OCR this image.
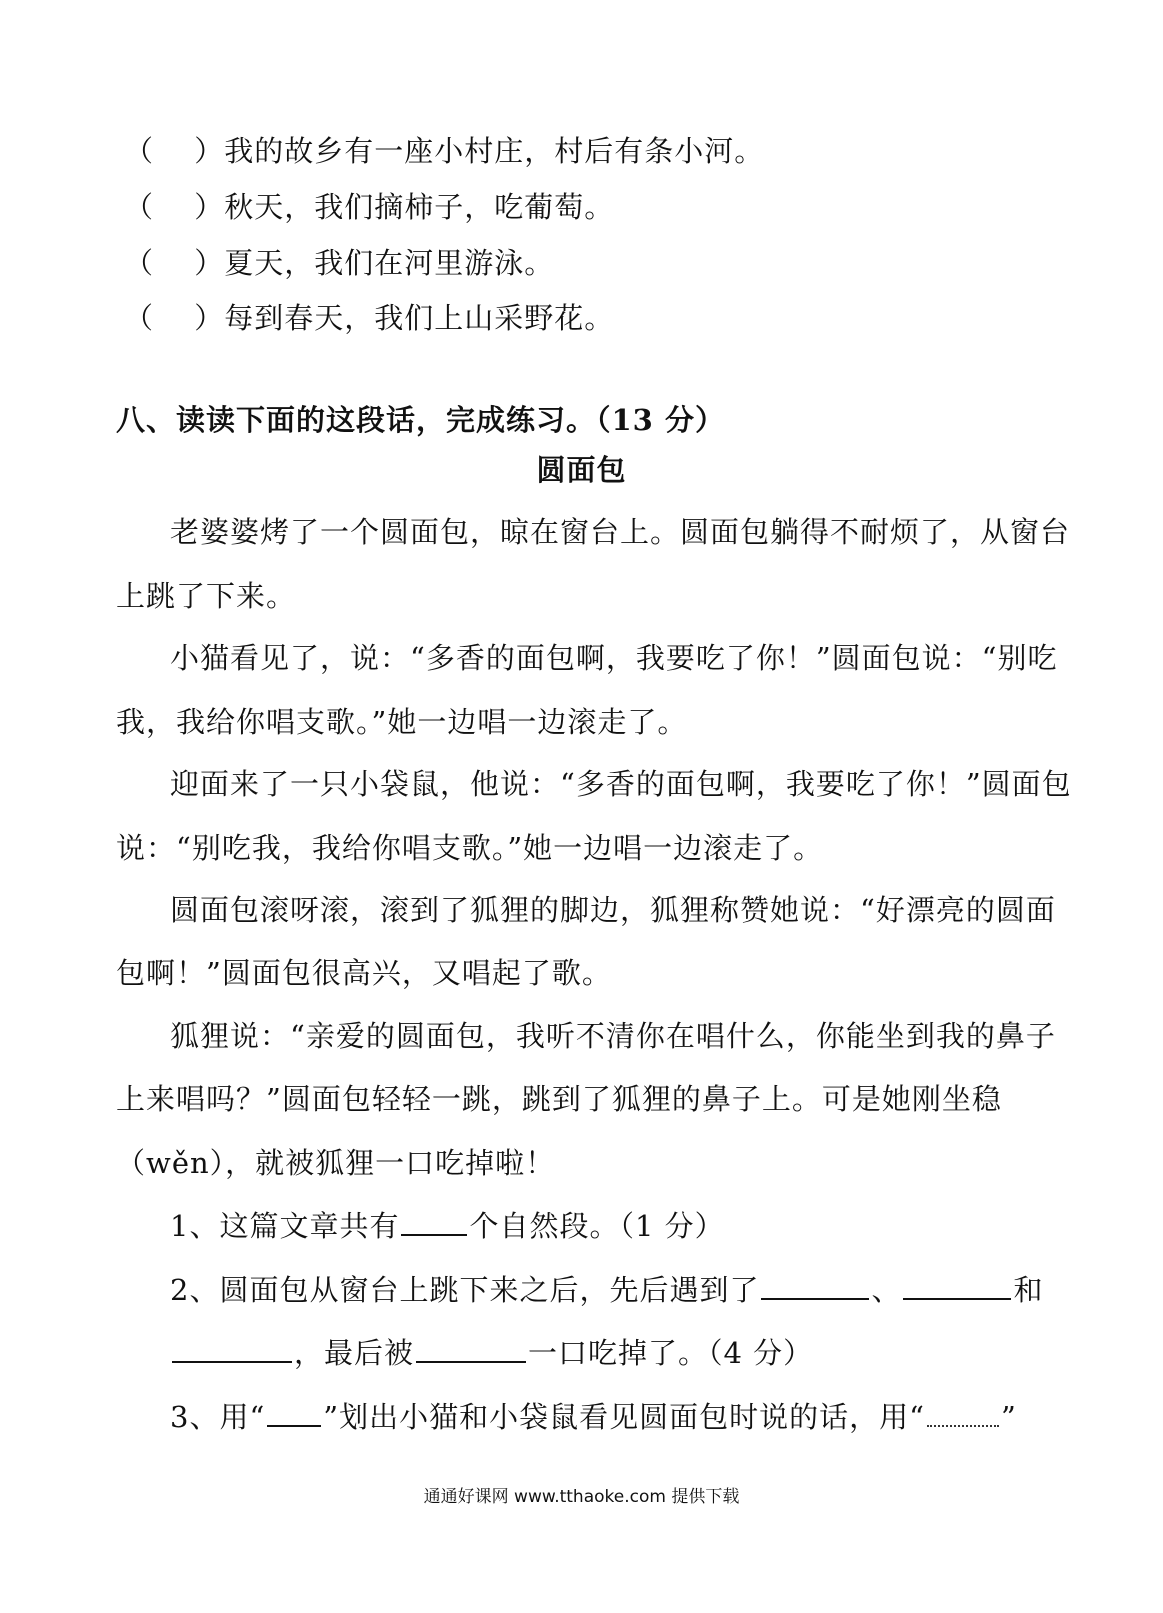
（　 ）我的故乡有一座小村庄，村后有条小河。
（　 ）秋天，我们摘柿子，吃葡萄。
（　 ）夏天，我们在河里游泳。
（　 ）每到春天，我们上山采野花。
八、读读下面的这段话，完成练习。（13 分）
圆面包
老婆婆烤了一个圆面包，晾在窗台上。圆面包躺得不耐烦了，从窗台
上跳了下来。
小猫看见了，说：“多香的面包啊，我要吃了你！”圆面包说：“别吃
我，我给你唱支歌。”她一边唱一边滚走了。
迎面来了一只小袋鼠，他说：“多香的面包啊，我要吃了你！”圆面包
说：“别吃我，我给你唱支歌。”她一边唱一边滚走了。
圆面包滚呀滚，滚到了狐狸的脚边，狐狸称赞她说：“好漂亮的圆面
包啊！”圆面包很高兴，又唱起了歌。
狐狸说：“亲爱的圆面包，我听不清你在唱什么，你能坐到我的鼻子
上来唱吗？”圆面包轻轻一跳，跳到了狐狸的鼻子上。可是她刚坐稳
（wěn），就被狐狸一口吃掉啦！
1、这篇文章共有 个自然段。（1 分）
2、圆面包从窗台上跳下来之后，先后遇到了	、	和
，最后被	一口吃掉了。（4 分）
3、用“ ”划出小猫和小袋鼠看见圆面包时说的话，用“	”
通通好课网 www.tthaoke.com 提供下载
